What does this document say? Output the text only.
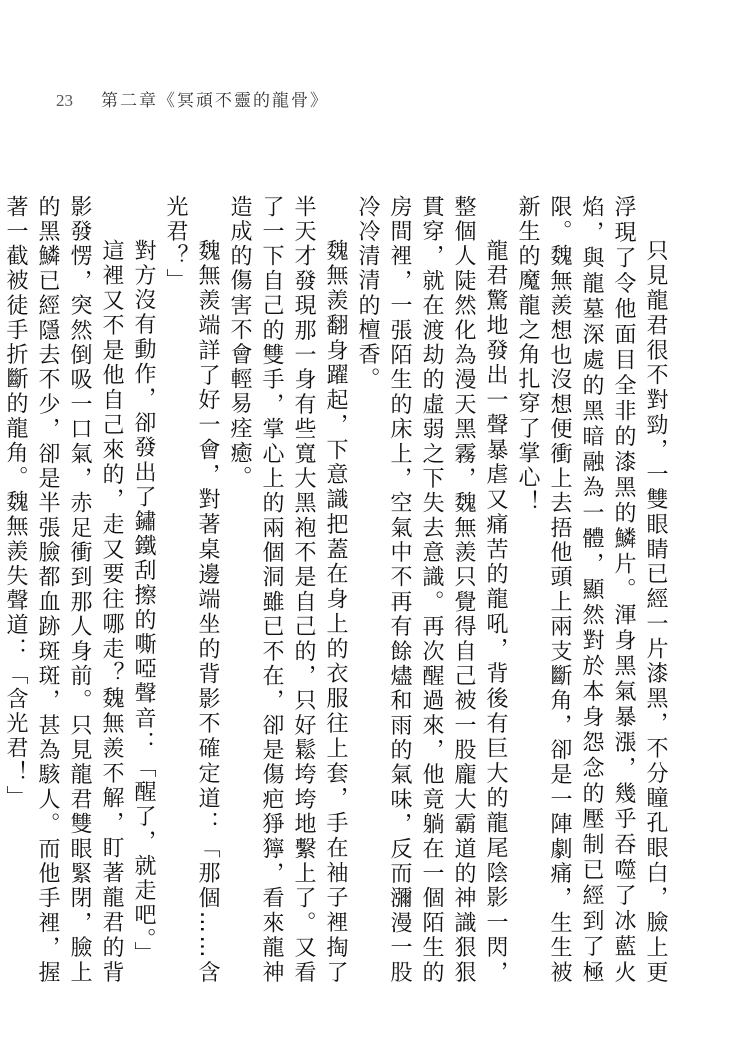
23 第二章《冥頑不靈的龍骨》

只見龍君很不對勁，一雙眼睛已經一片漆黑，不分瞳孔眼白，臉上更浮現了令他面目全非的漆黑的鱗片。渾身黑氣暴漲，幾乎吞噬了冰藍火焰，與龍墓深處的黑暗融為一體，顯然對於本身怨念的壓制已經到了極限。魏無羨想也沒想便衝上去捂他頭上兩支斷角，卻是一陣劇痛，生生被新生的魔龍之角扎穿了掌心！

龍君驚地發出一聲暴虐又痛苦的龍吼，背後有巨大的龍尾陰影一閃，整個人陡然化為漫天黑霧，魏無羨只覺得自己被一股龐大霸道的神識狠狠貫穿，就在渡劫的虛弱之下失去意識。再次醒過來，他竟躺在一個陌生的房間裡，一張陌生的床上，空氣中不再有餘燼和雨的氣味，反而瀰漫一股冷冷清清的檀香。

魏無羨翻身躍起，下意識把蓋在身上的衣服往上套，手在袖子裡掏了半天才發現那一身有些寬大黑袍不是自己的，只好鬆垮垮地繫上了。又看了一下自己的雙手，掌心上的兩個洞雖已不在，卻是傷疤猙獰，看來龍神造成的傷害不會輕易痊癒。

魏無羨端詳了好一會，對著桌邊端坐的背影不確定道：「那個……含光君？」

對方沒有動作，卻發出了鏽鐵刮擦的嘶啞聲音：「醒了，就走吧。」

這裡又不是他自己來的，走又要往哪走？魏無羨不解，盯著龍君的背影發愣，突然倒吸一口氣，赤足衝到那人身前。只見龍君雙眼緊閉，臉上的黑鱗已經隱去不少，卻是半張臉都血跡斑斑，甚為駭人。而他手裡，握著一截被徒手折斷的龍角。魏無羨失聲道：「含光君！」
